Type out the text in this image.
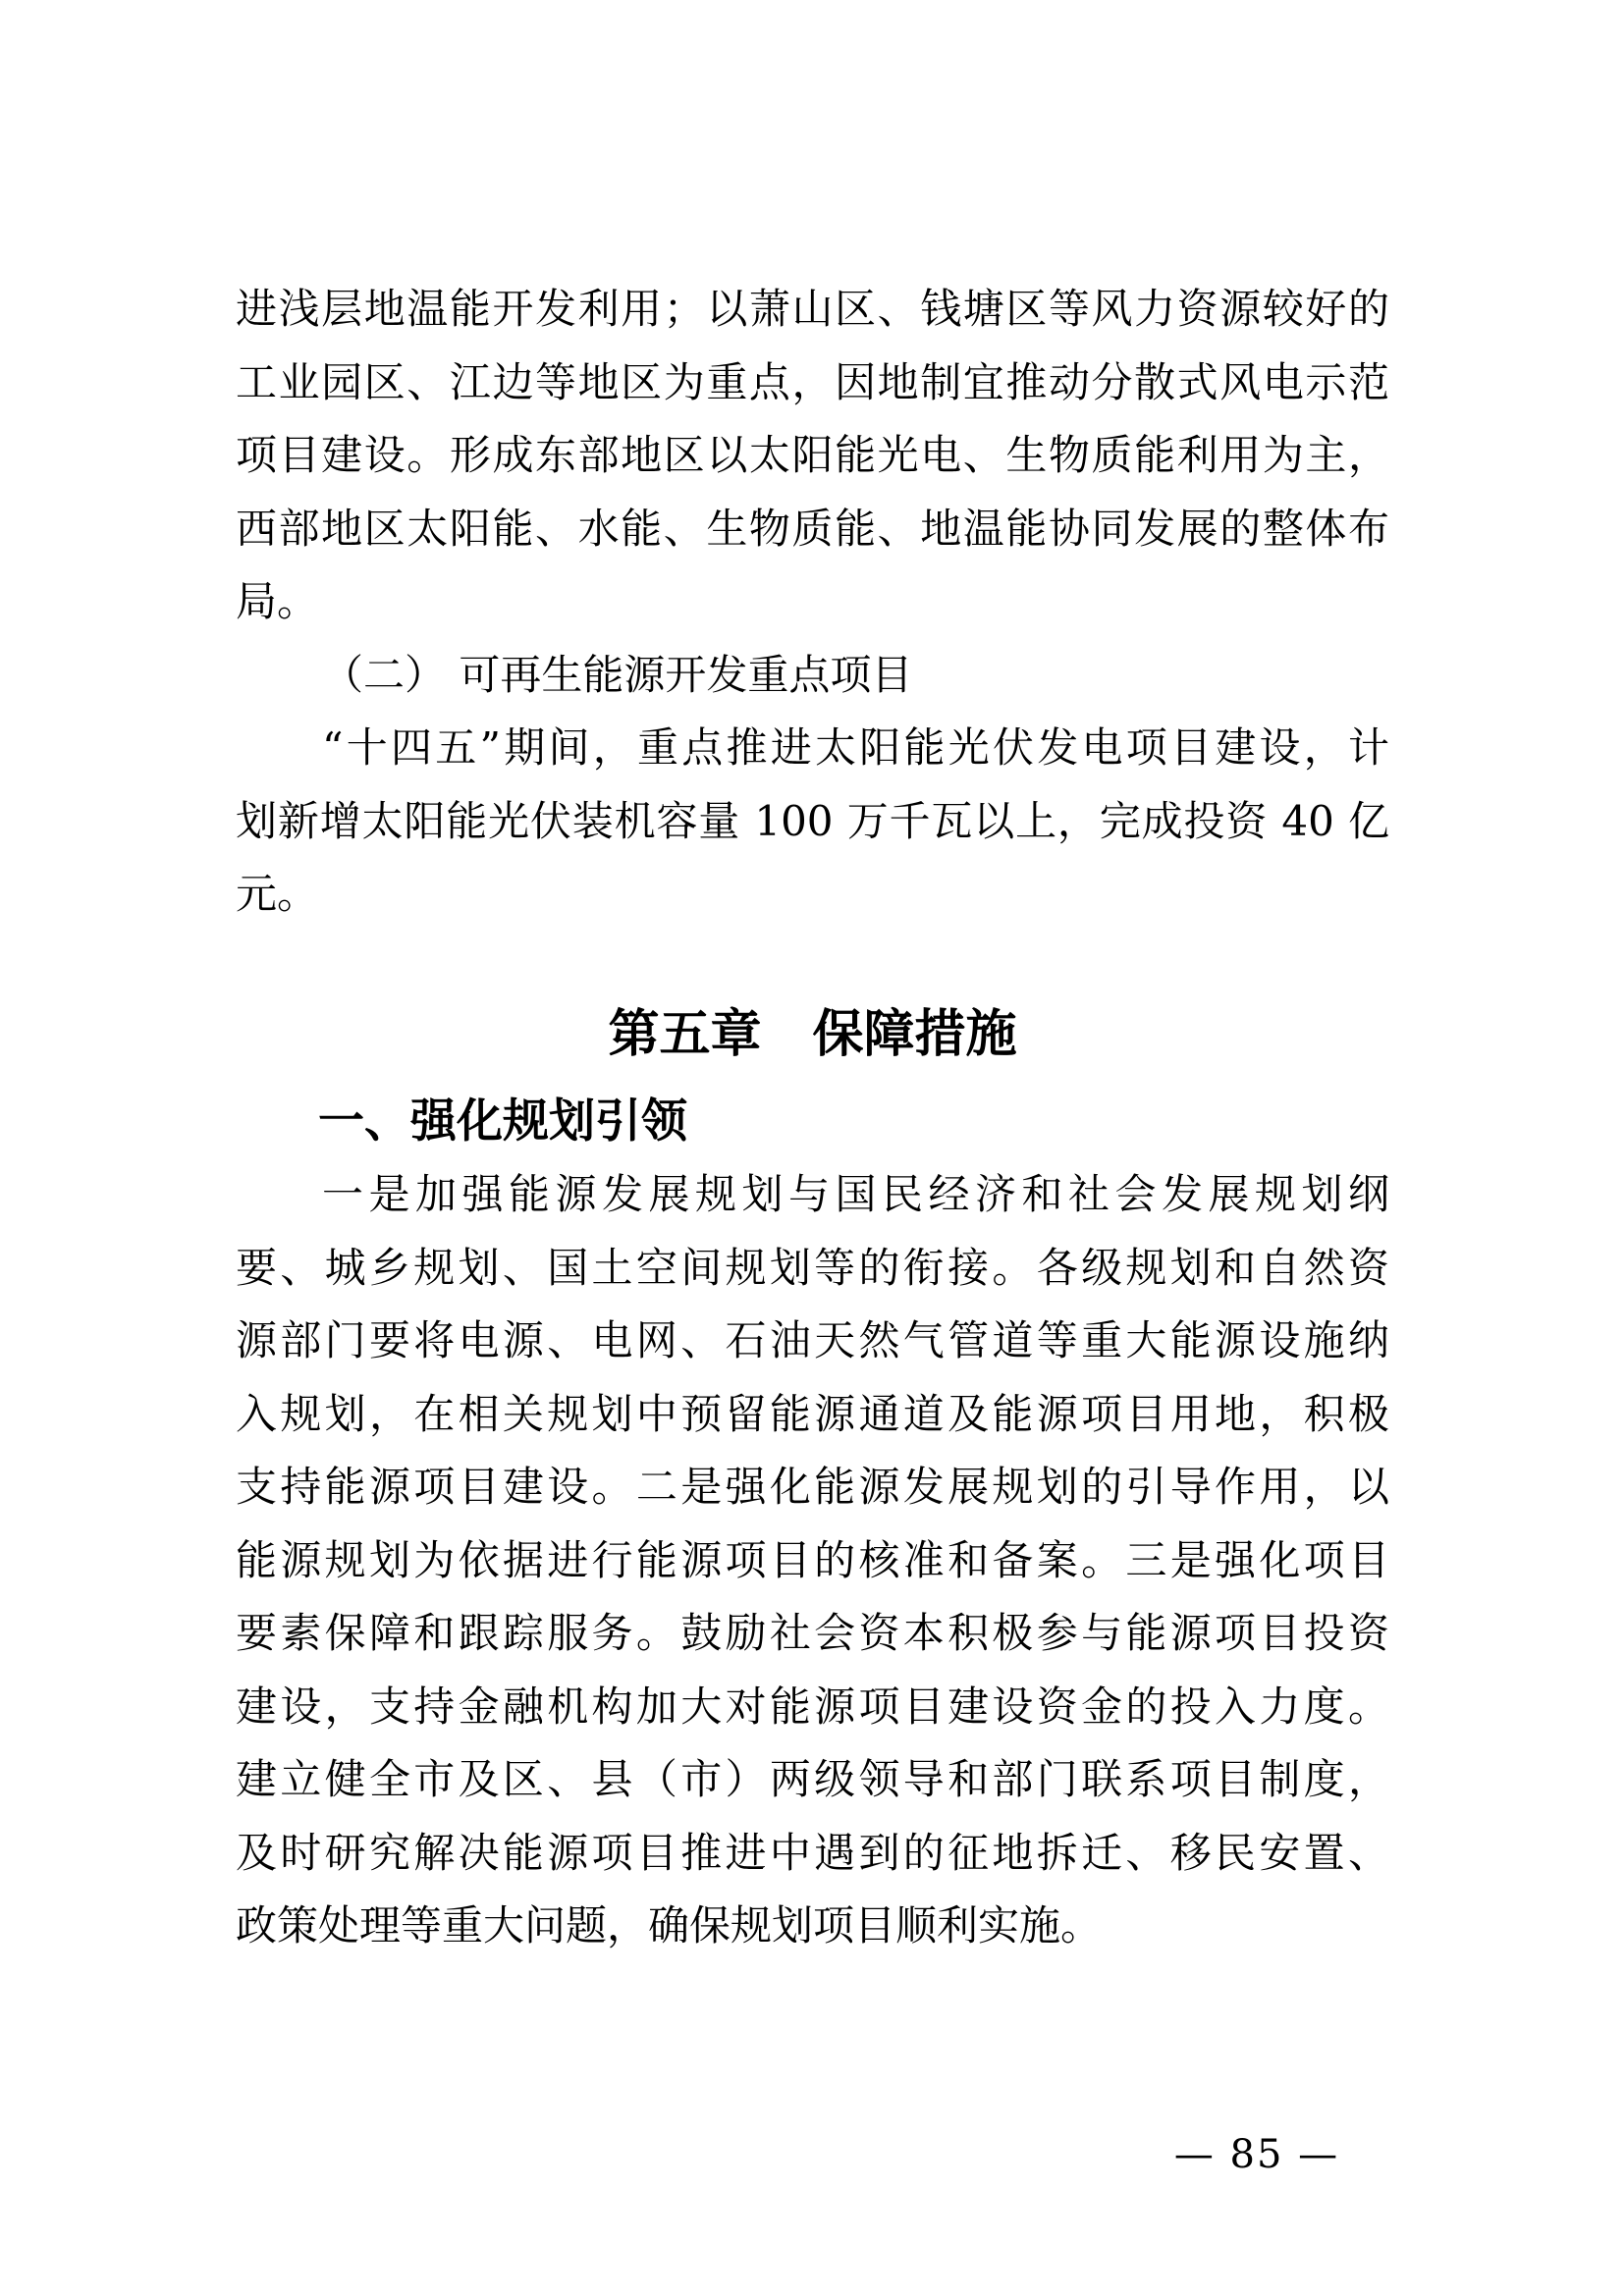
进浅层地温能开发利用；以萧山区、钱塘区等风力资源较好的
工业园区、江边等地区为重点，因地制宜推动分散式风电示范
项目建设。形成东部地区以太阳能光电、生物质能利用为主，
西部地区太阳能、水能、生物质能、地温能协同发展的整体布
局。
（二） 可再生能源开发重点项目
“十四五”期间，重点推进太阳能光伏发电项目建设，计
划新增太阳能光伏装机容量 100 万千瓦以上，完成投资 40 亿
元。
第五章　保障措施
一、强化规划引领
一是加强能源发展规划与国民经济和社会发展规划纲
要、城乡规划、国土空间规划等的衔接。各级规划和自然资
源部门要将电源、电网、石油天然气管道等重大能源设施纳
入规划，在相关规划中预留能源通道及能源项目用地，积极
支持能源项目建设。二是强化能源发展规划的引导作用，以
能源规划为依据进行能源项目的核准和备案。三是强化项目
要素保障和跟踪服务。鼓励社会资本积极参与能源项目投资
建设，支持金融机构加大对能源项目建设资金的投入力度。
建立健全市及区、县（市）两级领导和部门联系项目制度，
及时研究解决能源项目推进中遇到的征地拆迁、移民安置、
政策处理等重大问题，确保规划项目顺利实施。
— 85 —
